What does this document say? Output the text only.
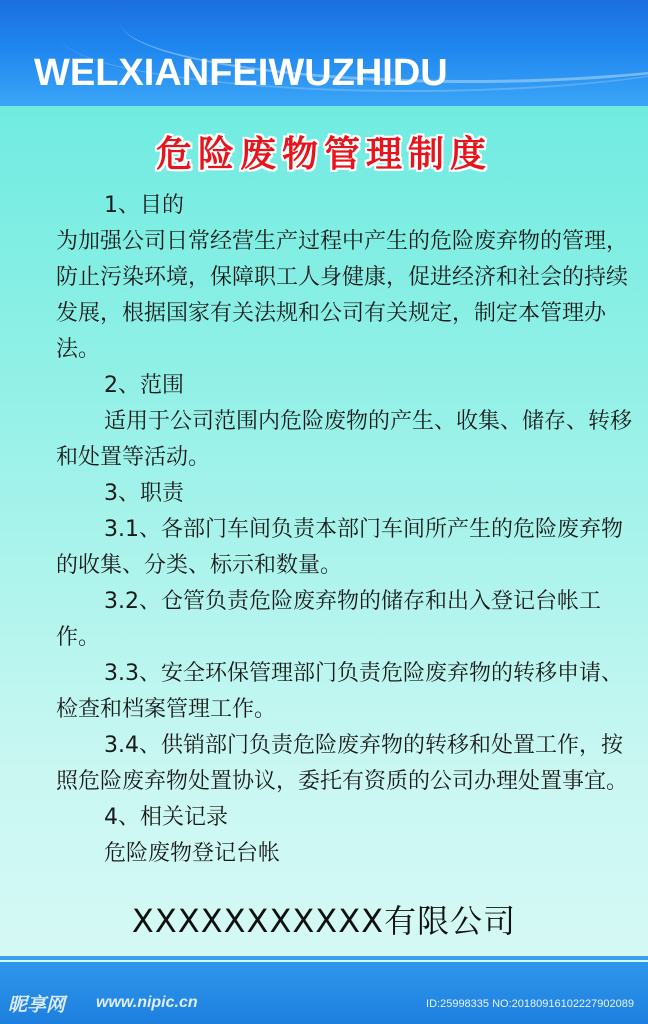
WELXIANFEIWUZHIDU
危险废物管理制度

1、目的

为加强公司日常经营生产过程中产生的危险废弃物的管理，防止污染环境，保障职工人身健康，促进经济和社会的持续发展，根据国家有关法规和公司有关规定，制定本管理办法。

2、范围

适用于公司范围内危险废物的产生、收集、储存、转移和处置等活动。

3、职责

3.1、各部门车间负责本部门车间所产生的危险废弃物的收集、分类、标示和数量。

3.2、仓管负责危险废弃物的储存和出入登记台帐工作。

3.3、安全环保管理部门负责危险废弃物的转移申请、检查和档案管理工作。

3.4、供销部门负责危险废弃物的转移和处置工作，按照危险废弃物处置协议，委托有资质的公司办理处置事宜。

4、相关记录

危险废物登记台帐

XXXXXXXXXXX有限公司
昵享网 www.nipic.cn	ID:25998335 NO:20180916102227902089
